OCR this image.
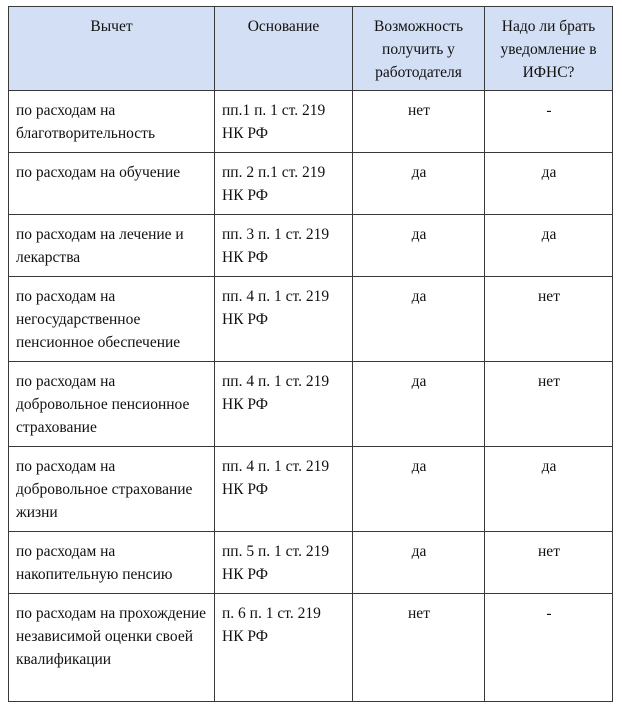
Вычет	Основание	Возможность получить у работодателя	Надо ли брать уведомление в ИФНС?
по расходам на благотворительность	пп.1 п. 1 ст. 219 НК РФ	нет	-
по расходам на обучение	пп. 2 п.1 ст. 219 НК РФ	да	да
по расходам на лечение и лекарства	пп. 3 п. 1 ст. 219 НК РФ	да	да
по расходам на негосударственное пенсионное обеспечение	пп. 4 п. 1 ст. 219 НК РФ	да	нет
по расходам на добровольное пенсионное страхование	пп. 4 п. 1 ст. 219 НК РФ	да	нет
по расходам на добровольное страхование жизни	пп. 4 п. 1 ст. 219 НК РФ	да	да
по расходам на накопительную пенсию	пп. 5 п. 1 ст. 219 НК РФ	да	нет
по расходам на прохождение независимой оценки своей квалификации	п. 6 п. 1 ст. 219 НК РФ	нет	-
